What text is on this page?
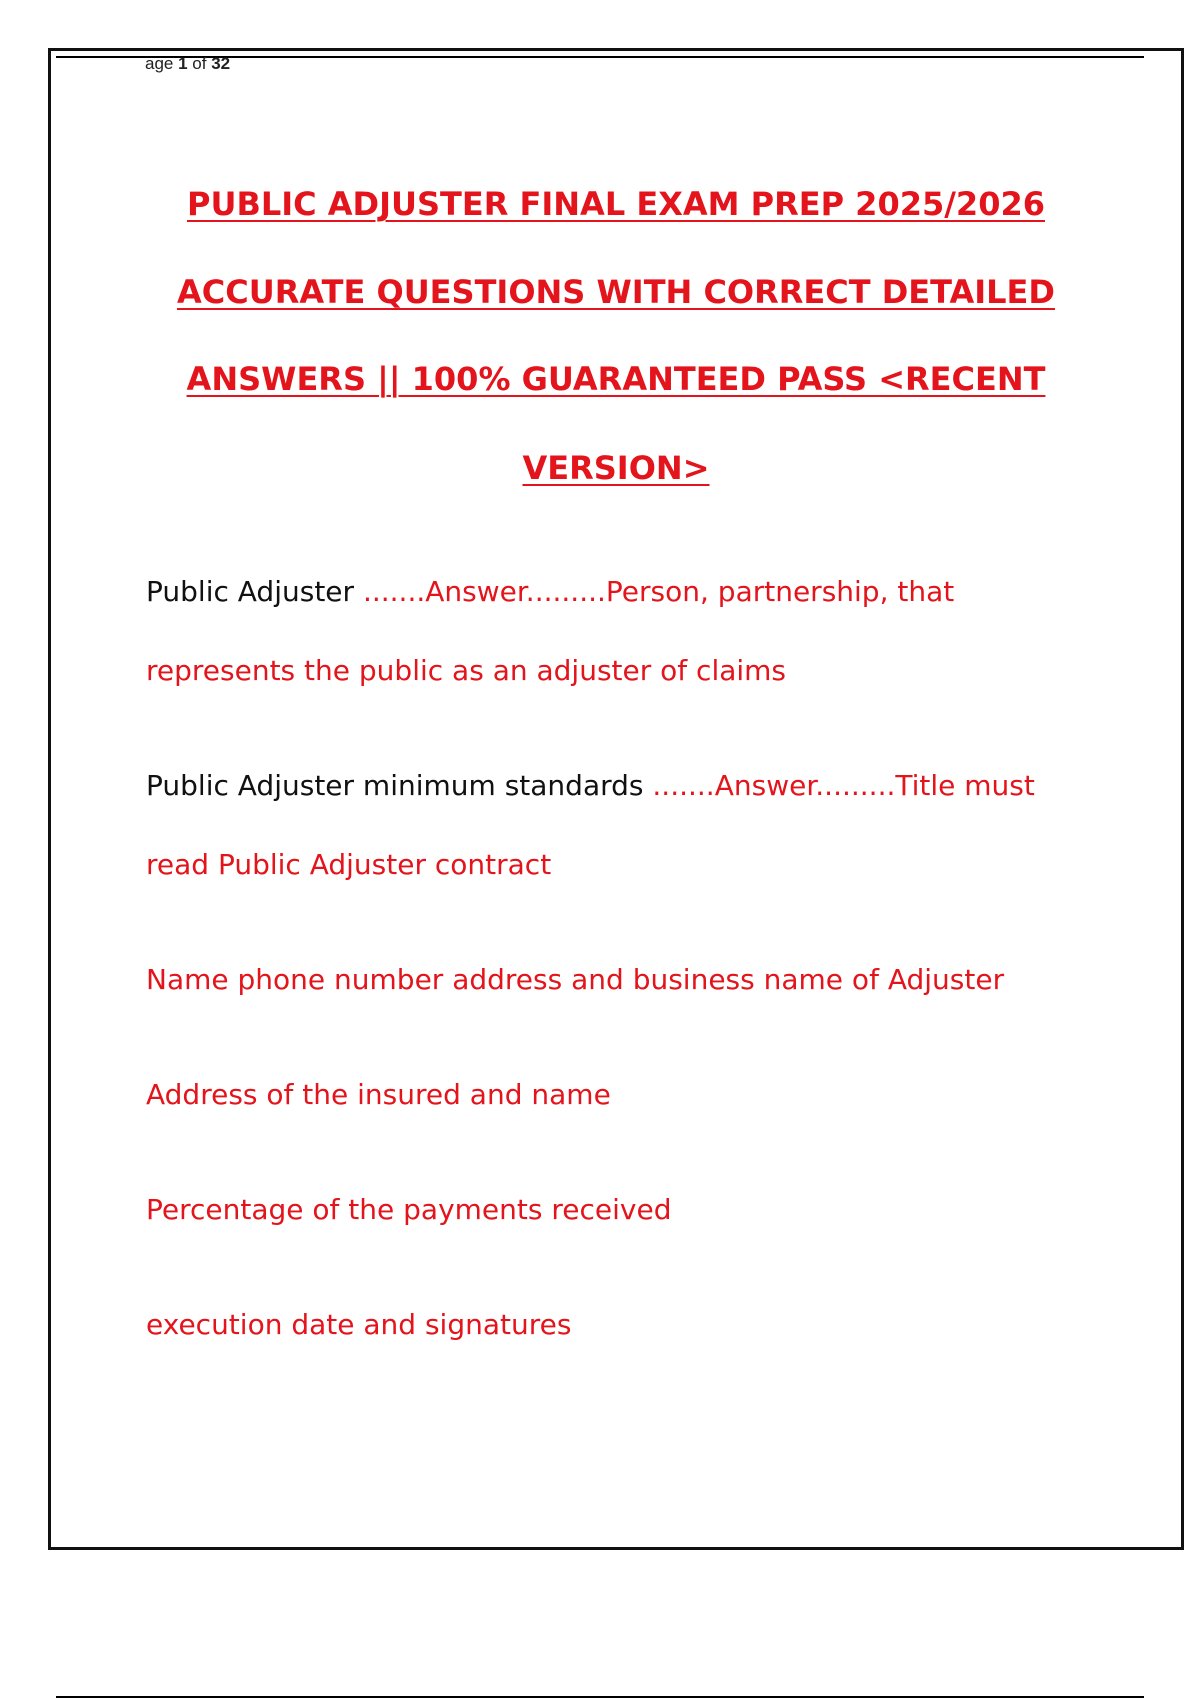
age 1 of 32
PUBLIC ADJUSTER FINAL EXAM PREP 2025/2026
ACCURATE QUESTIONS WITH CORRECT DETAILED
ANSWERS || 100% GUARANTEED PASS <RECENT
VERSION>
Public Adjuster .......Answer.........Person, partnership, that
represents the public as an adjuster of claims
Public Adjuster minimum standards .......Answer.........Title must
read Public Adjuster contract
Name phone number address and business name of Adjuster
Address of the insured and name
Percentage of the payments received
execution date and signatures
